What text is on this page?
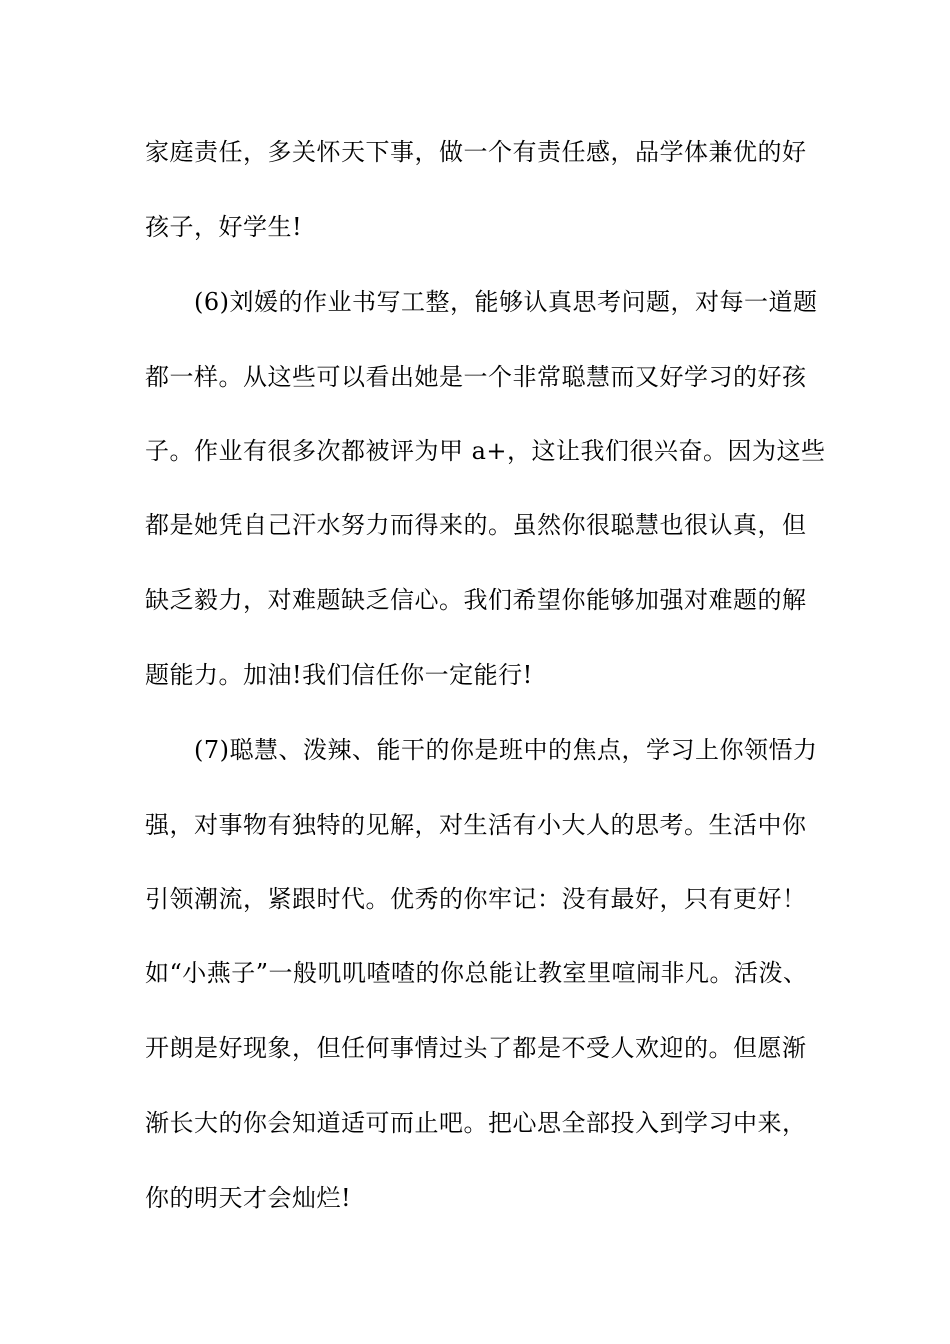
家庭责任，多关怀天下事，做一个有责任感，品学体兼优的好
孩子，好学生!
　　(6)刘媛的作业书写工整，能够认真思考问题，对每一道题
都一样。从这些可以看出她是一个非常聪慧而又好学习的好孩
子。作业有很多次都被评为甲 a+，这让我们很兴奋。因为这些
都是她凭自己汗水努力而得来的。虽然你很聪慧也很认真，但
缺乏毅力，对难题缺乏信心。我们希望你能够加强对难题的解
题能力。加油!我们信任你一定能行!
　　(7)聪慧、泼辣、能干的你是班中的焦点，学习上你领悟力
强，对事物有独特的见解，对生活有小大人的思考。生活中你
引领潮流，紧跟时代。优秀的你牢记：没有最好，只有更好！
如“小燕子”一般叽叽喳喳的你总能让教室里喧闹非凡。活泼、
开朗是好现象，但任何事情过头了都是不受人欢迎的。但愿渐
渐长大的你会知道适可而止吧。把心思全部投入到学习中来，
你的明天才会灿烂!
